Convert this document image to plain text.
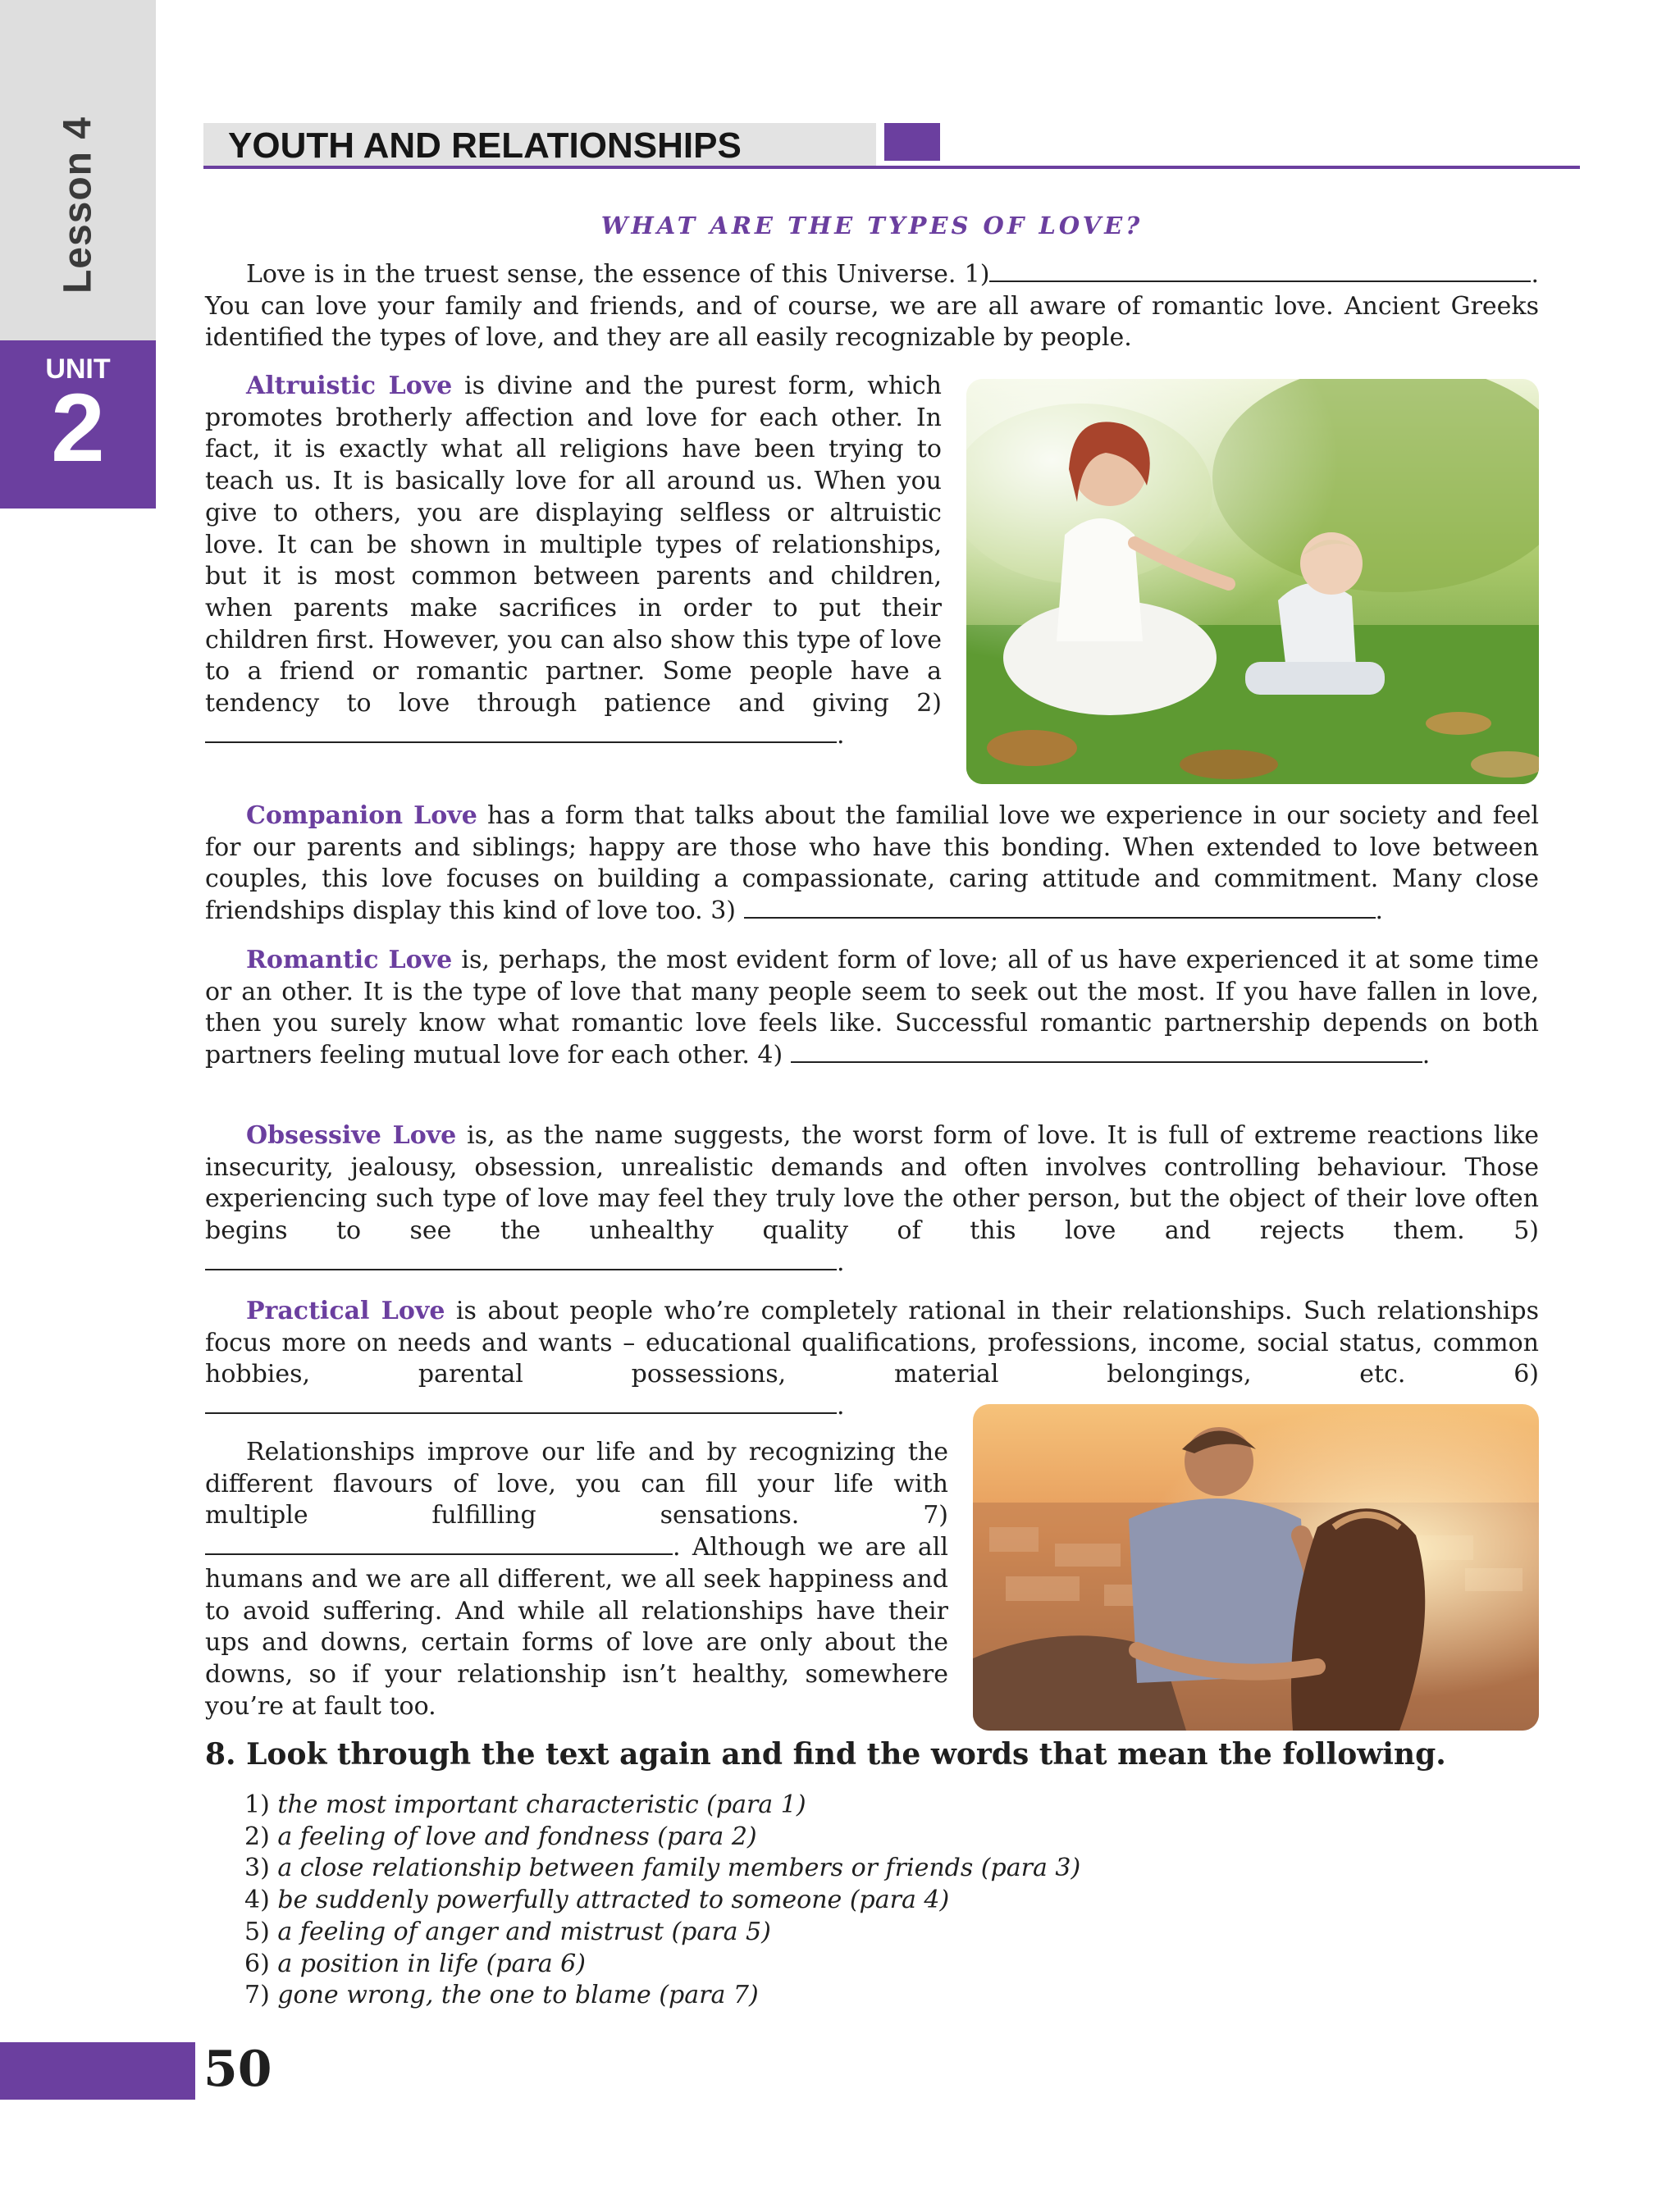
Lesson 4
UNIT
2
YOUTH AND RELATIONSHIPS
WHAT ARE THE TYPES OF LOVE?

Love is in the truest sense, the essence of this Universe. 1)	. You can love your family and friends, and of course, we are all aware of romantic love. Ancient Greeks identified the types of love, and they are all easily recognizable by people.

Altruistic Love is divine and the purest form, which promotes brotherly affection and love for each other. In fact, it is exactly what all religions have been trying to teach us. It is basically love for all around us. When you give to others, you are displaying selfless or altruistic love. It can be shown in multiple types of relationships, but it is most common between parents and children, when parents make sacrifices in order to put their children first. However, you can also show this type of love to a friend or romantic partner. Some people have a tendency to love through patience and giving 2) .

Companion Love has a form that talks about the familial love we experience in our society and feel for our parents and siblings; happy are those who have this bonding. When extended to love between couples, this love focuses on building a compassionate, caring attitude and commitment. Many close friendships display this kind of love too. 3)	.

Romantic Love is, perhaps, the most evident form of love; all of us have experienced it at some time or an other. It is the type of love that many people seem to seek out the most. If you have fallen in love, then you surely know what romantic love feels like. Successful romantic partnership depends on both partners feeling mutual love for each other. 4)	.

Obsessive Love is, as the name suggests, the worst form of love. It is full of extreme reactions like insecurity, jealousy, obsession, unrealistic demands and often involves controlling behaviour. Those experiencing such type of love may feel they truly love the other person, but the object of their love often begins to see the unhealthy quality of this love and rejects them. 5) .

Practical Love is about people who’re completely rational in their relationships. Such relationships focus more on needs and wants – educational qualifications, professions, income, social status, common hobbies, parental possessions, material belongings, etc.	6) .

Relationships improve our life and by recognizing the different flavours of love, you can fill your life with multiple fulfilling sensations.	7) . Although we are all humans and we are all different, we all seek happiness and to avoid suffering. And while all relationships have their ups and downs, certain forms of love are only about the downs, so if your relationship isn’t healthy, somewhere you’re at fault too.

8. Look through the text again and find the words that mean the following.

1) the most important characteristic (para 1)
2) a feeling of love and fondness (para 2)
3) a close relationship between family members or friends (para 3)
4) be suddenly powerfully attracted to someone (para 4)
5) a feeling of anger and mistrust (para 5)
6) a position in life (para 6)
7) gone wrong, the one to blame (para 7)
50
